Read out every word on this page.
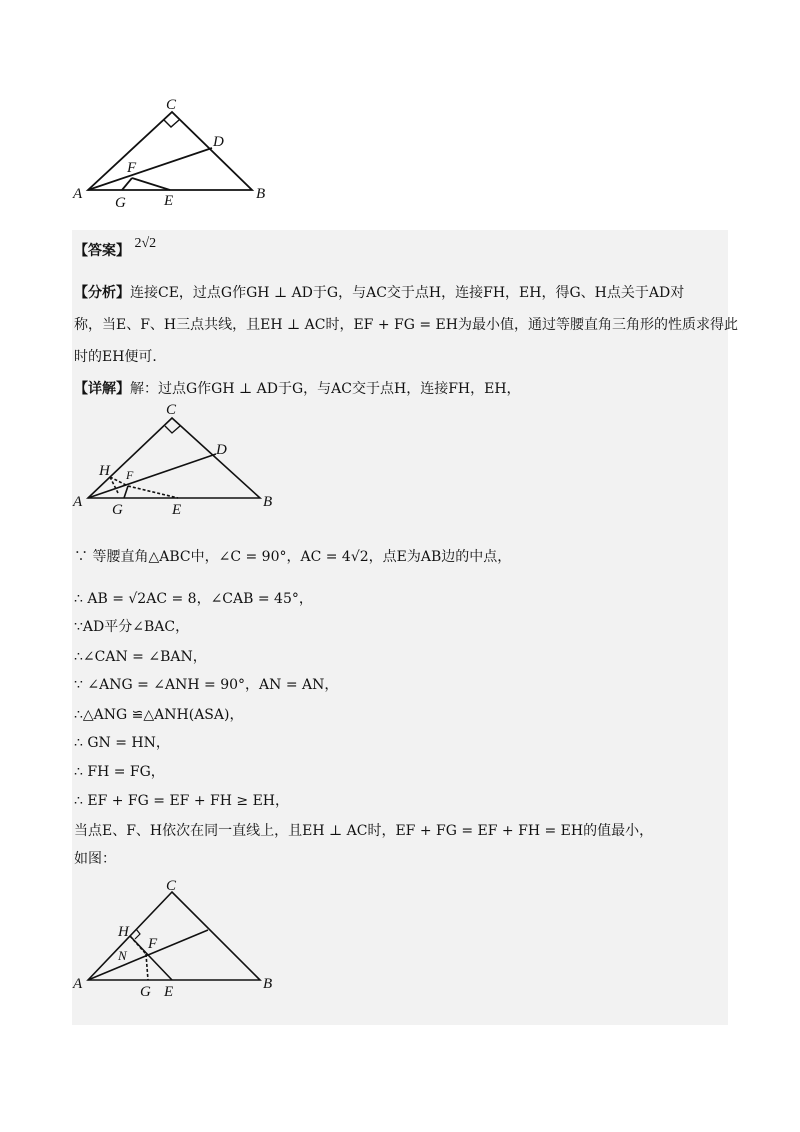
C
D
F
A	B
G	E
【答案】 2√2
【分析】连接CE，过点G作GH ⊥ AD于G，与AC交于点H，连接FH，EH，得G、H点关于AD对
称，当E、F、H三点共线，且EH ⊥ AC时，EF + FG = EH为最小值，通过等腰直角三角形的性质求得此
时的EH便可．
【详解】解：过点G作GH ⊥ AD于G，与AC交于点H，连接FH，EH，
C
D
H F
A	B
G	E
∵ 等腰直角△ABC中，∠C = 90°，AC = 4√2，点E为AB边的中点，
∴ AB = √2AC = 8，∠CAB = 45°，
∵AD平分∠BAC，
∴∠CAN = ∠BAN，
∵ ∠ANG = ∠ANH = 90°，AN = AN，
∴△ANG ≌△ANH(ASA)，
∴ GN = HN，
∴ FH = FG，
∴ EF + FG = EF + FH ≥ EH，
当点E、F、H依次在同一直线上，且EH ⊥ AC时，EF + FG = EF + FH = EH的值最小，
如图：
C
H
F
N
A	B
G E
